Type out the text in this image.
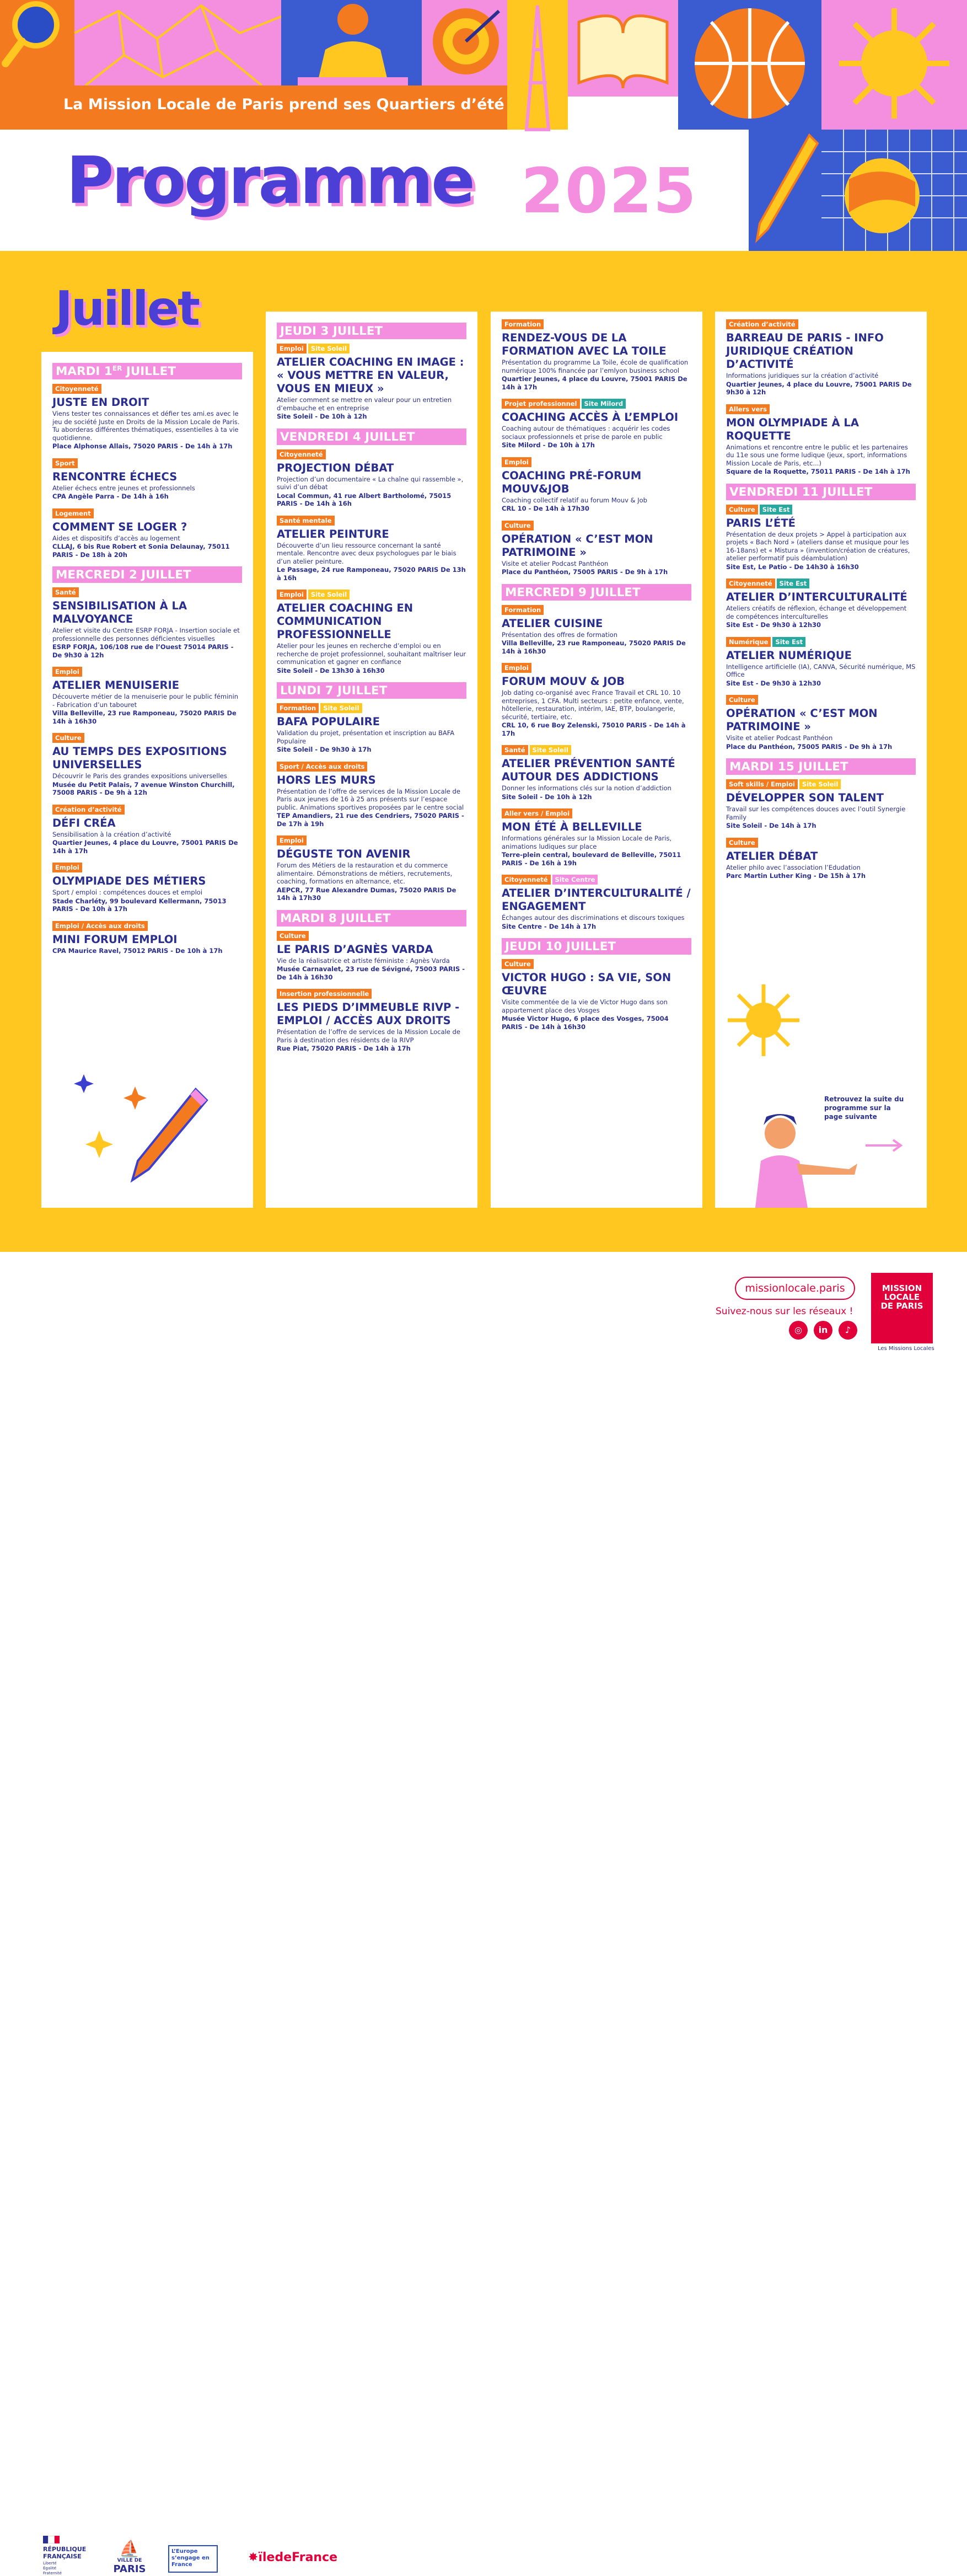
La Mission Locale de Paris prend ses Quartiers d’été
Programme 2025
Juillet
MARDI 1ER JUILLET
Citoyenneté
JUSTE EN DROIT
Viens tester tes connaissances et défier tes ami.es avec le jeu de société Juste en Droits de la Mission Locale de Paris. Tu aborderas différentes thématiques, essentielles à ta vie quotidienne.
Place Alphonse Allais, 75020 PARIS - De 14h à 17h
Sport
RENCONTRE ÉCHECS
Atelier échecs entre jeunes et professionnels
CPA Angèle Parra - De 14h à 16h
Logement
COMMENT SE LOGER ?
Aides et dispositifs d’accès au logement
CLLAJ, 6 bis Rue Robert et Sonia Delaunay, 75011 PARIS - De 18h à 20h
MERCREDI 2 JUILLET
Santé
SENSIBILISATION À LA MALVOYANCE
Atelier et visite du Centre ESRP FORJA - Insertion sociale et professionnelle des personnes déficientes visuelles
ESRP FORJA, 106/108 rue de l’Ouest 75014 PARIS - De 9h30 à 12h
Emploi
ATELIER MENUISERIE
Découverte métier de la menuiserie pour le public féminin - Fabrication d’un tabouret
Villa Belleville, 23 rue Ramponeau, 75020 PARIS De 14h à 16h30
Culture
AU TEMPS DES EXPOSITIONS UNIVERSELLES
Découvrir le Paris des grandes expositions universelles
Musée du Petit Palais, 7 avenue Winston Churchill, 75008 PARIS - De 9h à 12h
Création d’activité
DÉFI CRÉA
Sensibilisation à la création d’activité
Quartier Jeunes, 4 place du Louvre, 75001 PARIS De 14h à 17h
Emploi
OLYMPIADE DES MÉTIERS
Sport / emploi : compétences douces et emploi
Stade Charléty, 99 boulevard Kellermann, 75013 PARIS - De 10h à 17h
Emploi / Accès aux droits
MINI FORUM EMPLOI
CPA Maurice Ravel, 75012 PARIS - De 10h à 17h
JEUDI 3 JUILLET
Emploi	Site Soleil
ATELIER COACHING EN IMAGE : « VOUS METTRE EN VALEUR, VOUS EN MIEUX »
Atelier comment se mettre en valeur pour un entretien d’embauche et en entreprise
Site Soleil - De 10h à 12h
VENDREDI 4 JUILLET
Citoyenneté
PROJECTION DÉBAT
Projection d’un documentaire « La chaîne qui rassemble », suivi d’un débat
Local Commun, 41 rue Albert Bartholomé, 75015 PARIS - De 14h à 16h
Santé mentale
ATELIER PEINTURE
Découverte d’un lieu ressource concernant la santé mentale. Rencontre avec deux psychologues par le biais d’un atelier peinture.
Le Passage, 24 rue Ramponeau, 75020 PARIS De 13h à 16h
Emploi	Site Soleil
ATELIER COACHING EN COMMUNICATION PROFESSIONNELLE
Atelier pour les jeunes en recherche d’emploi ou en recherche de projet professionnel, souhaitant maîtriser leur communication et gagner en confiance
Site Soleil - De 13h30 à 16h30
LUNDI 7 JUILLET
Formation	Site Soleil
BAFA POPULAIRE
Validation du projet, présentation et inscription au BAFA Populaire
Site Soleil - De 9h30 à 17h
Sport / Accès aux droits
HORS LES MURS
Présentation de l’offre de services de la Mission Locale de Paris aux jeunes de 16 à 25 ans présents sur l’espace public. Animations sportives proposées par le centre social
TEP Amandiers, 21 rue des Cendriers, 75020 PARIS - De 17h à 19h
Emploi
DÉGUSTE TON AVENIR
Forum des Métiers de la restauration et du commerce alimentaire. Démonstrations de métiers, recrutements, coaching, formations en alternance, etc.
AEPCR, 77 Rue Alexandre Dumas, 75020 PARIS De 14h à 17h30
MARDI 8 JUILLET
Culture
LE PARIS D’AGNÈS VARDA
Vie de la réalisatrice et artiste féministe : Agnès Varda
Musée Carnavalet, 23 rue de Sévigné, 75003 PARIS - De 14h à 16h30
Insertion professionnelle
LES PIEDS D’IMMEUBLE RIVP - EMPLOI / ACCÈS AUX DROITS
Présentation de l’offre de services de la Mission Locale de Paris à destination des résidents de la RIVP
Rue Piat, 75020 PARIS - De 14h à 17h
Formation
RENDEZ-VOUS DE LA FORMATION AVEC LA TOILE
Présentation du programme La Toile, école de qualification numérique 100% financée par l’emlyon business school
Quartier Jeunes, 4 place du Louvre, 75001 PARIS De 14h à 17h
Projet professionnel	Site Milord
COACHING ACCÈS À L’EMPLOI
Coaching autour de thématiques : acquérir les codes sociaux professionnels et prise de parole en public
Site Milord - De 10h à 17h
Emploi
COACHING PRÉ-FORUM MOUV&JOB
Coaching collectif relatif au forum Mouv & Job
CRL 10 - De 14h à 17h30
Culture
OPÉRATION « C’EST MON PATRIMOINE »
Visite et atelier Podcast Panthéon
Place du Panthéon, 75005 PARIS - De 9h à 17h
MERCREDI 9 JUILLET
Formation
ATELIER CUISINE
Présentation des offres de formation
Villa Belleville, 23 rue Ramponeau, 75020 PARIS De 14h à 16h30
Emploi
FORUM MOUV & JOB
Job dating co-organisé avec France Travail et CRL 10. 10 entreprises, 1 CFA. Multi secteurs : petite enfance, vente, hôtellerie, restauration, intérim, IAE, BTP, boulangerie, sécurité, tertiaire, etc.
CRL 10, 6 rue Boy Zelenski, 75010 PARIS - De 14h à 17h
Santé	Site Soleil
ATELIER PRÉVENTION SANTÉ AUTOUR DES ADDICTIONS
Donner les informations clés sur la notion d’addiction
Site Soleil - De 10h à 12h
Aller vers / Emploi
MON ÉTÉ À BELLEVILLE
Informations générales sur la Mission Locale de Paris, animations ludiques sur place
Terre-plein central, boulevard de Belleville, 75011 PARIS - De 16h à 19h
Citoyenneté	Site Centre
ATELIER D’INTERCULTURALITÉ / ENGAGEMENT
Échanges autour des discriminations et discours toxiques
Site Centre - De 14h à 17h
JEUDI 10 JUILLET
Culture
VICTOR HUGO : SA VIE, SON ŒUVRE
Visite commentée de la vie de Victor Hugo dans son appartement place des Vosges
Musée Victor Hugo, 6 place des Vosges, 75004 PARIS - De 14h à 16h30
Création d’activité
BARREAU DE PARIS - INFO JURIDIQUE CRÉATION D’ACTIVITÉ
Informations juridiques sur la création d’activité
Quartier Jeunes, 4 place du Louvre, 75001 PARIS De 9h30 à 12h
Allers vers
MON OLYMPIADE À LA ROQUETTE
Animations et rencontre entre le public et les partenaires du 11e sous une forme ludique (jeux, sport, informations Mission Locale de Paris, etc...)
Square de la Roquette, 75011 PARIS - De 14h à 17h
VENDREDI 11 JUILLET
Culture	Site Est
PARIS L’ÉTÉ
Présentation de deux projets > Appel à participation aux projets « Bach Nord » (ateliers danse et musique pour les 16-18ans) et « Mistura » (invention/création de créatures, atelier performatif puis déambulation)
Site Est, Le Patio - De 14h30 à 16h30
Citoyenneté	Site Est
ATELIER D’INTERCULTURALITÉ
Ateliers créatifs de réflexion, échange et développement de compétences interculturelles
Site Est - De 9h30 à 12h30
Numérique	Site Est
ATELIER NUMÉRIQUE
Intelligence artificielle (IA), CANVA, Sécurité numérique, MS Office
Site Est - De 9h30 à 12h30
Culture
OPÉRATION « C’EST MON PATRIMOINE »
Visite et atelier Podcast Panthéon
Place du Panthéon, 75005 PARIS - De 9h à 17h
MARDI 15 JUILLET
Soft skills / Emploi	Site Soleil
DÉVELOPPER SON TALENT
Travail sur les compétences douces avec l’outil Synergie Family
Site Soleil - De 14h à 17h
Culture
ATELIER DÉBAT
Atelier philo avec l’association l’Edudation
Parc Martin Luther King - De 15h à 17h
Retrouvez la suite du programme sur la page suivante
RÉPUBLIQUE FRANÇAISE
Liberté Égalité Fraternité
⛵
VILLE DE
PARIS
L’Europe s’engage en France
✸ïledeFrance
missionlocale.paris
Suivez-nous sur les réseaux !
◎	in	♪
MISSION
LOCALE
DE PARIS
Les Missions Locales
